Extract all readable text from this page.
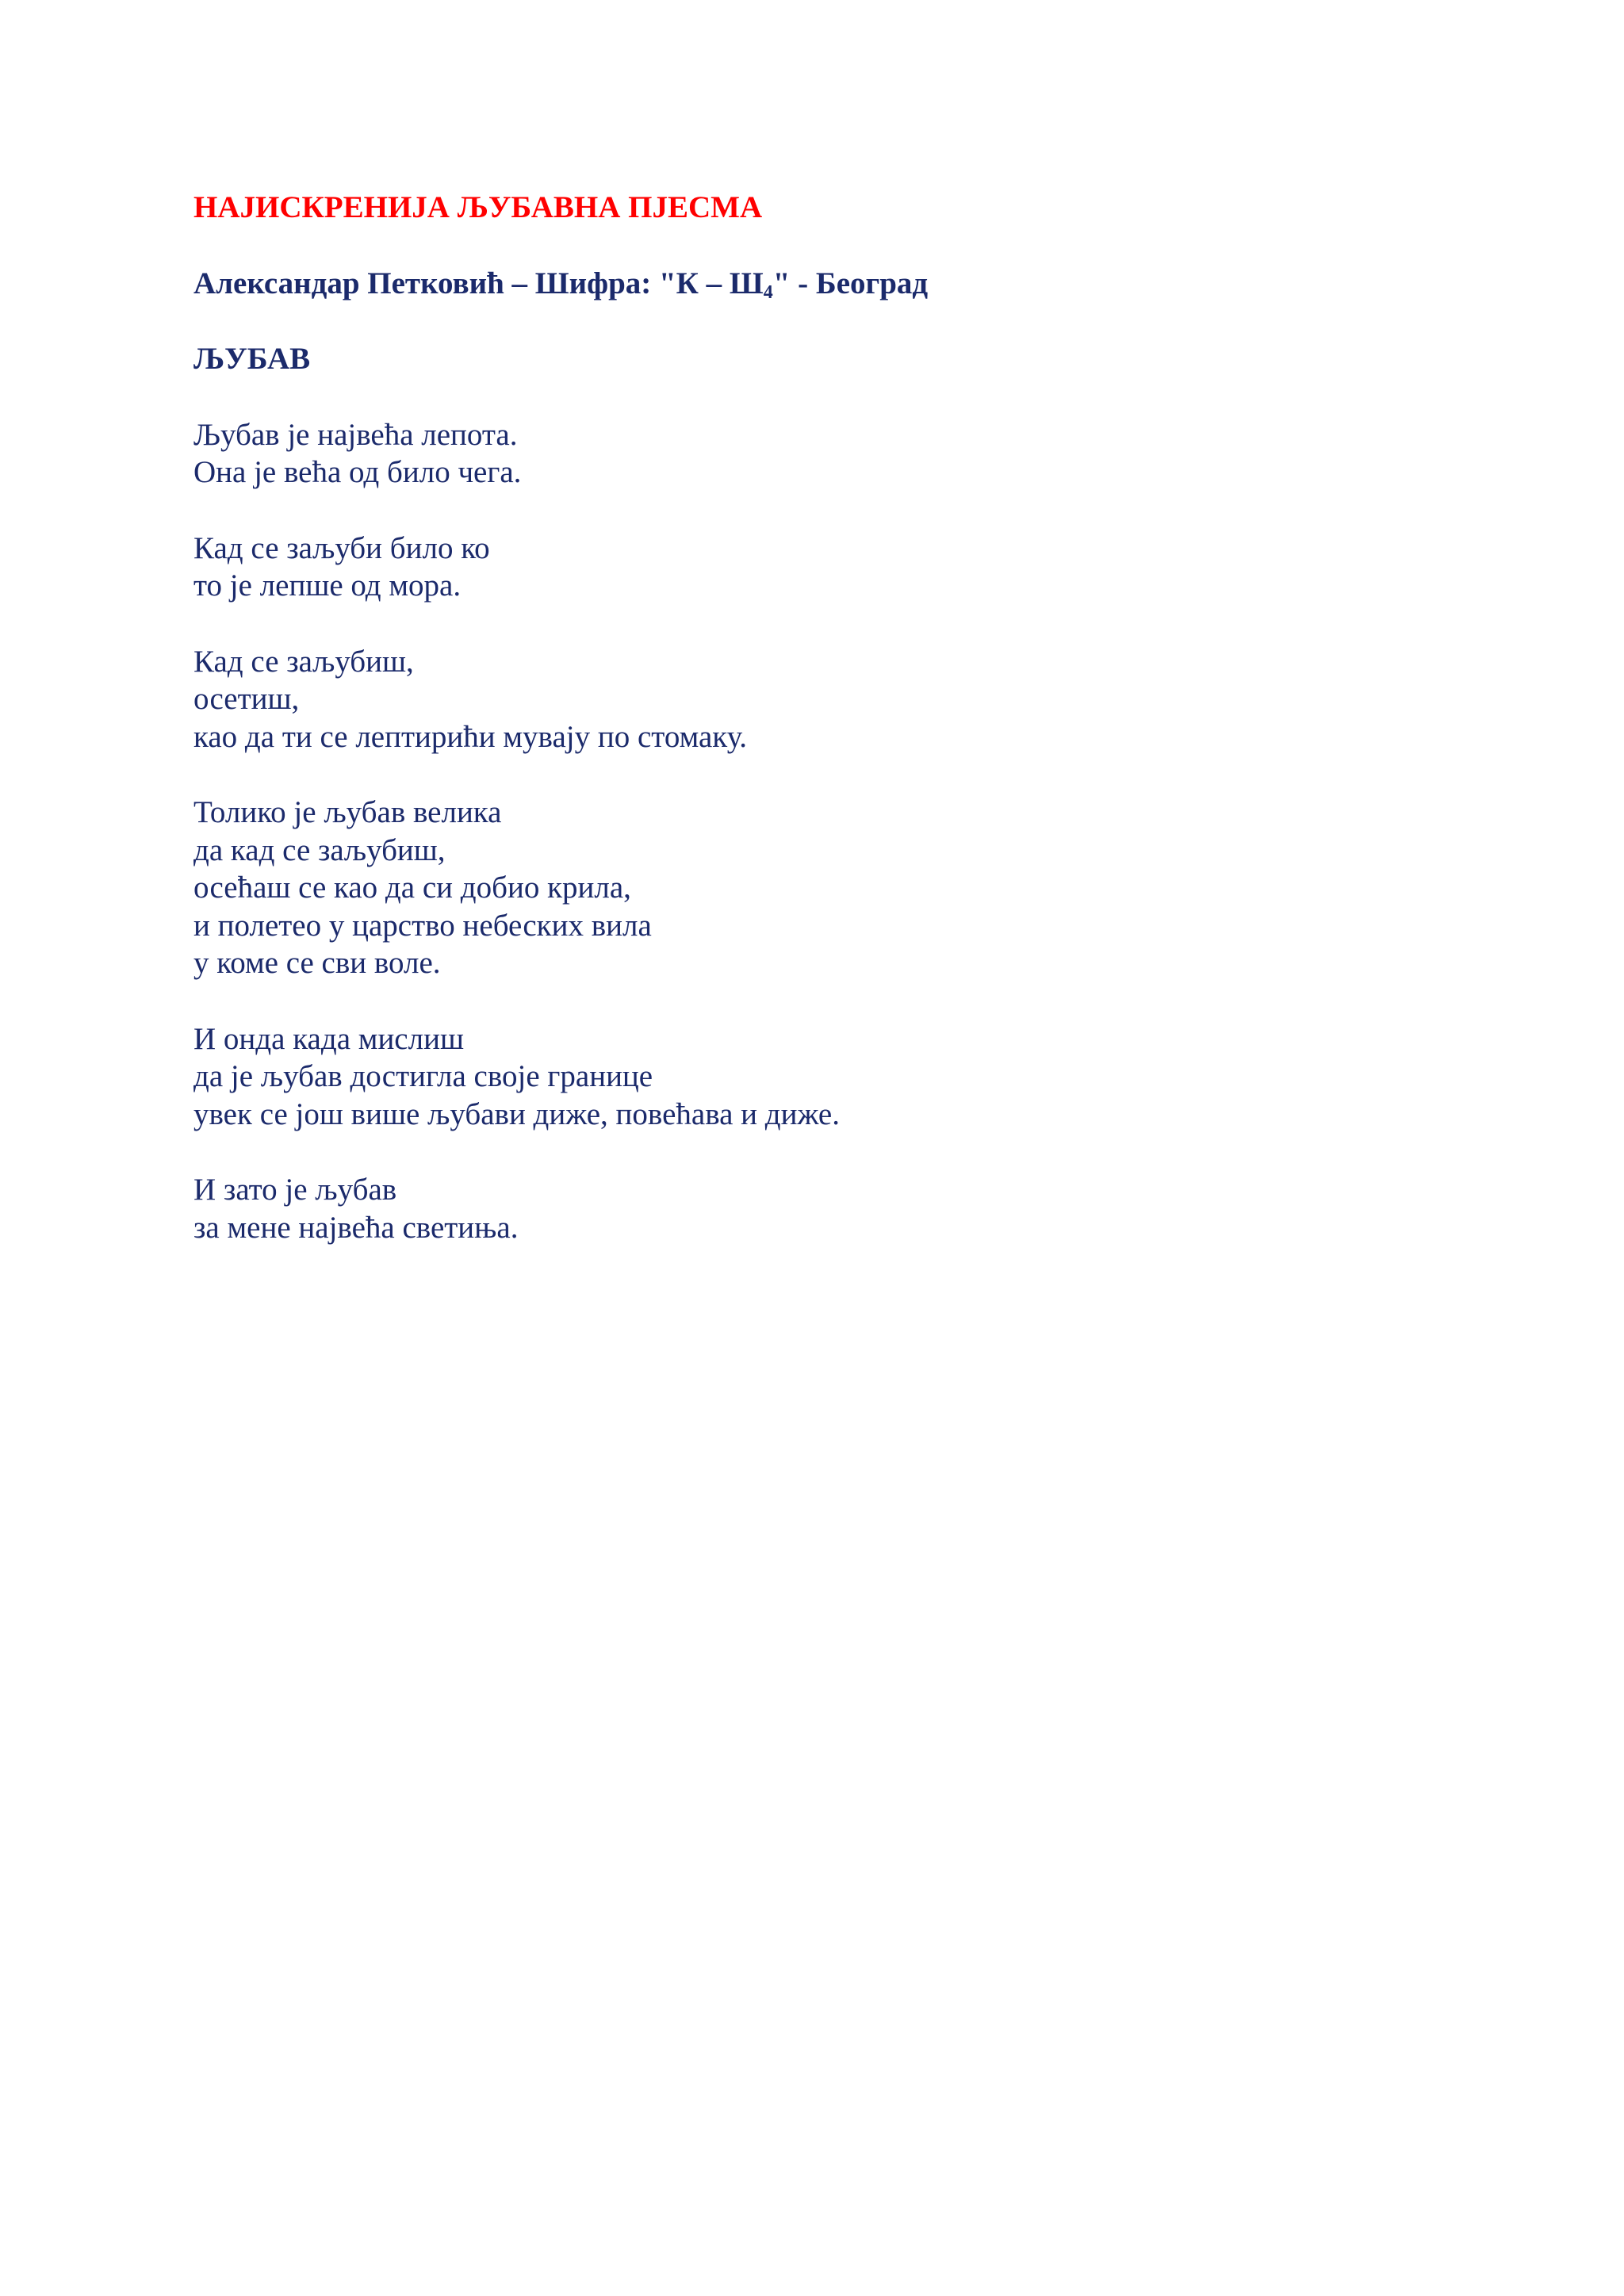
НАЈИСКРЕНИЈА ЉУБАВНА ПЈЕСМА
Александар Петковић – Шифра: "К – $Ш_4$" - Београд
ЉУБАВ
Љубав је највећа лепота.
Она је већа од било чега.
Кад се заљуби било ко
то је лепше од мора.
Кад се заљубиш,
осетиш,
као да ти се лептирићи мувају по стомаку.
Толико је љубав велика
да кад се заљубиш,
осећаш се као да си добио крила,
и полетео у царство небеских вила
у коме се сви воле.
И онда када мислиш
да је љубав достигла своје границе
увек се још више љубави диже, повећава и диже.
И зато је љубав
за мене највећа светиња.
